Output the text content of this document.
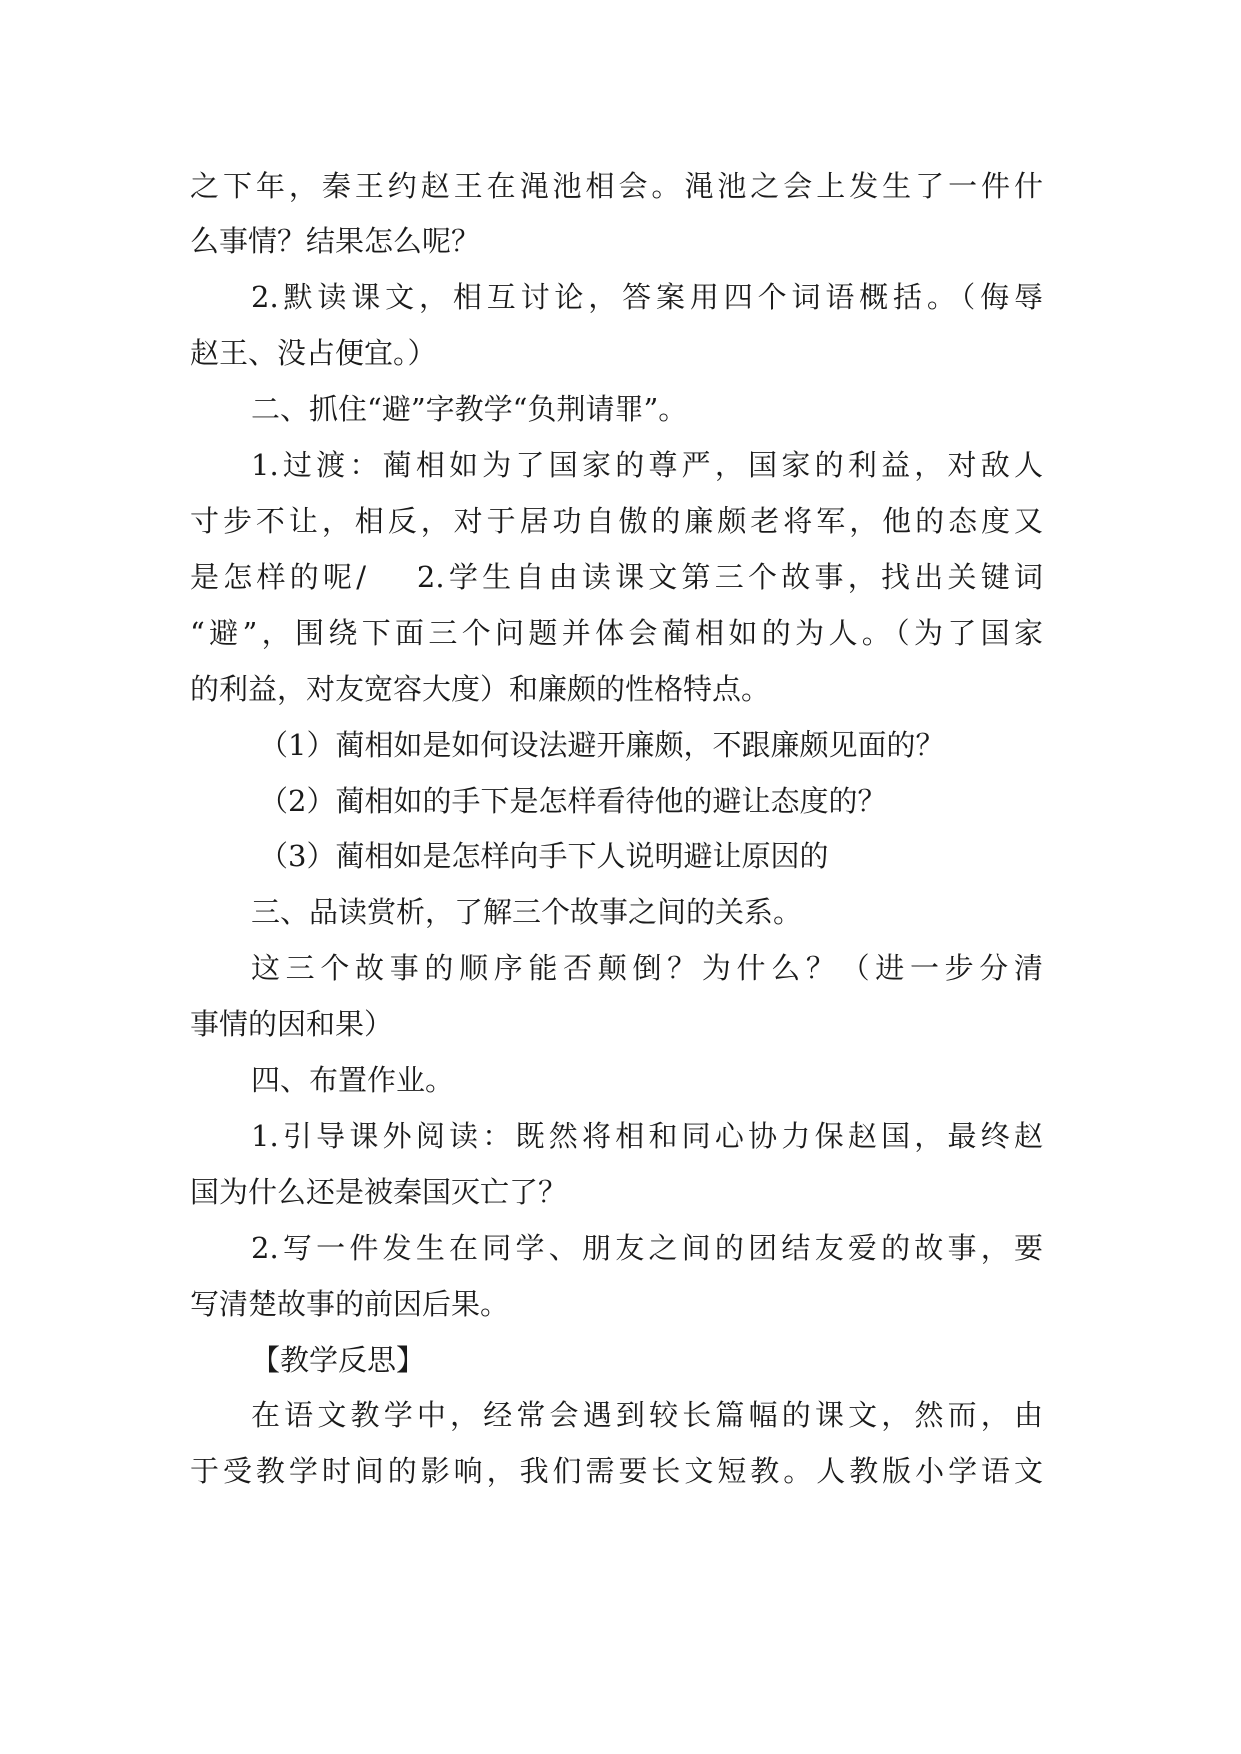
之下年，秦王约赵王在渑池相会。渑池之会上发生了一件什
么事情？结果怎么呢？
2.默读课文，相互讨论，答案用四个词语概括。（侮辱
赵王、没占便宜。）
二、抓住“避”字教学“负荆请罪”。
1.过渡：蔺相如为了国家的尊严，国家的利益，对敌人
寸步不让，相反，对于居功自傲的廉颇老将军，他的态度又
是怎样的呢/　 2.学生自由读课文第三个故事，找出关键词
“避”，围绕下面三个问题并体会蔺相如的为人。（为了国家
的利益，对友宽容大度）和廉颇的性格特点。
（1）蔺相如是如何设法避开廉颇，不跟廉颇见面的？
（2）蔺相如的手下是怎样看待他的避让态度的？
（3）蔺相如是怎样向手下人说明避让原因的
三、品读赏析，了解三个故事之间的关系。
这三个故事的顺序能否颠倒？为什么？（进一步分清
事情的因和果）
四、布置作业。
1.引导课外阅读：既然将相和同心协力保赵国，最终赵
国为什么还是被秦国灭亡了？
2.写一件发生在同学、朋友之间的团结友爱的故事，要
写清楚故事的前因后果。
【教学反思】
在语文教学中，经常会遇到较长篇幅的课文，然而，由
于受教学时间的影响，我们需要长文短教。人教版小学语文
